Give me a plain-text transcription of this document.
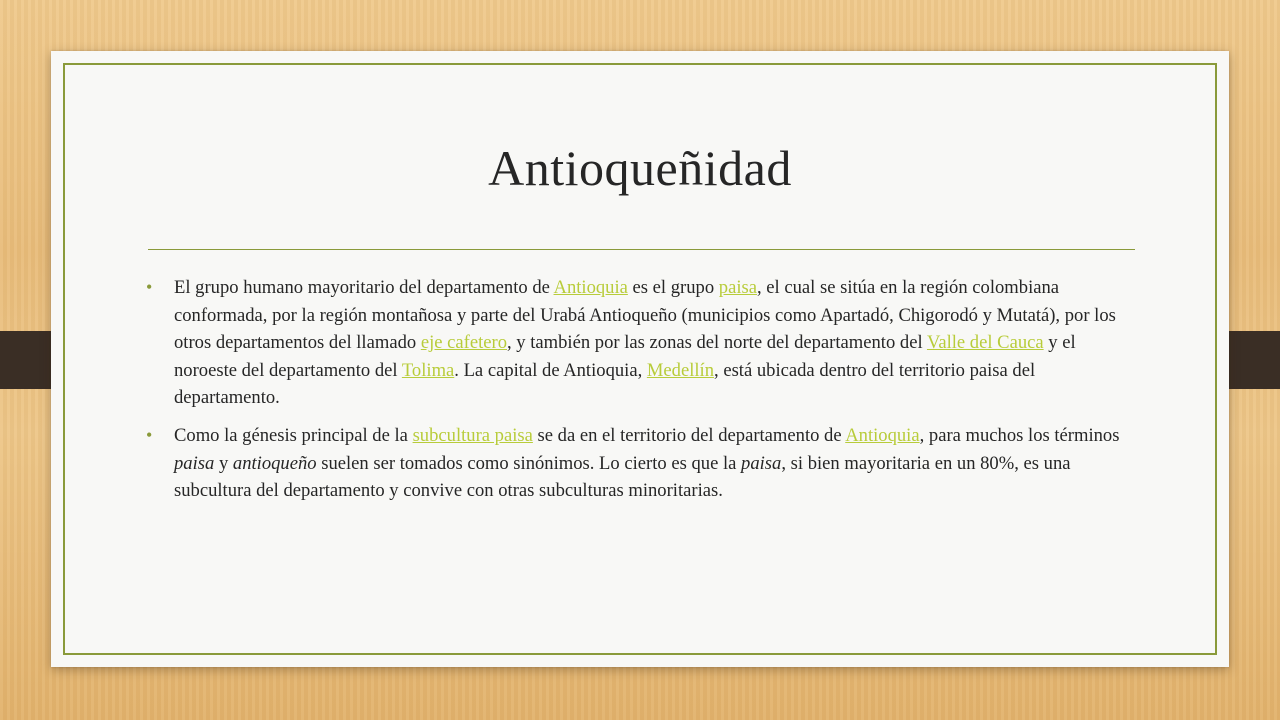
Antioqueñidad
• El grupo humano mayoritario del departamento de Antioquia es el grupo paisa, el cual se sitúa en la región colombiana conformada, por la región montañosa y parte del Urabá Antioqueño (municipios como Apartadó, Chigorodó y Mutatá), por los otros departamentos del llamado eje cafetero, y también por las zonas del norte del departamento del Valle del Cauca y el noroeste del departamento del Tolima. La capital de Antioquia, Medellín, está ubicada dentro del territorio paisa del departamento.
• Como la génesis principal de la subcultura paisa se da en el territorio del departamento de Antioquia, para muchos los términos paisa y antioqueño suelen ser tomados como sinónimos. Lo cierto es que la paisa, si bien mayoritaria en un 80%, es una subcultura del departamento y convive con otras subculturas minoritarias.
